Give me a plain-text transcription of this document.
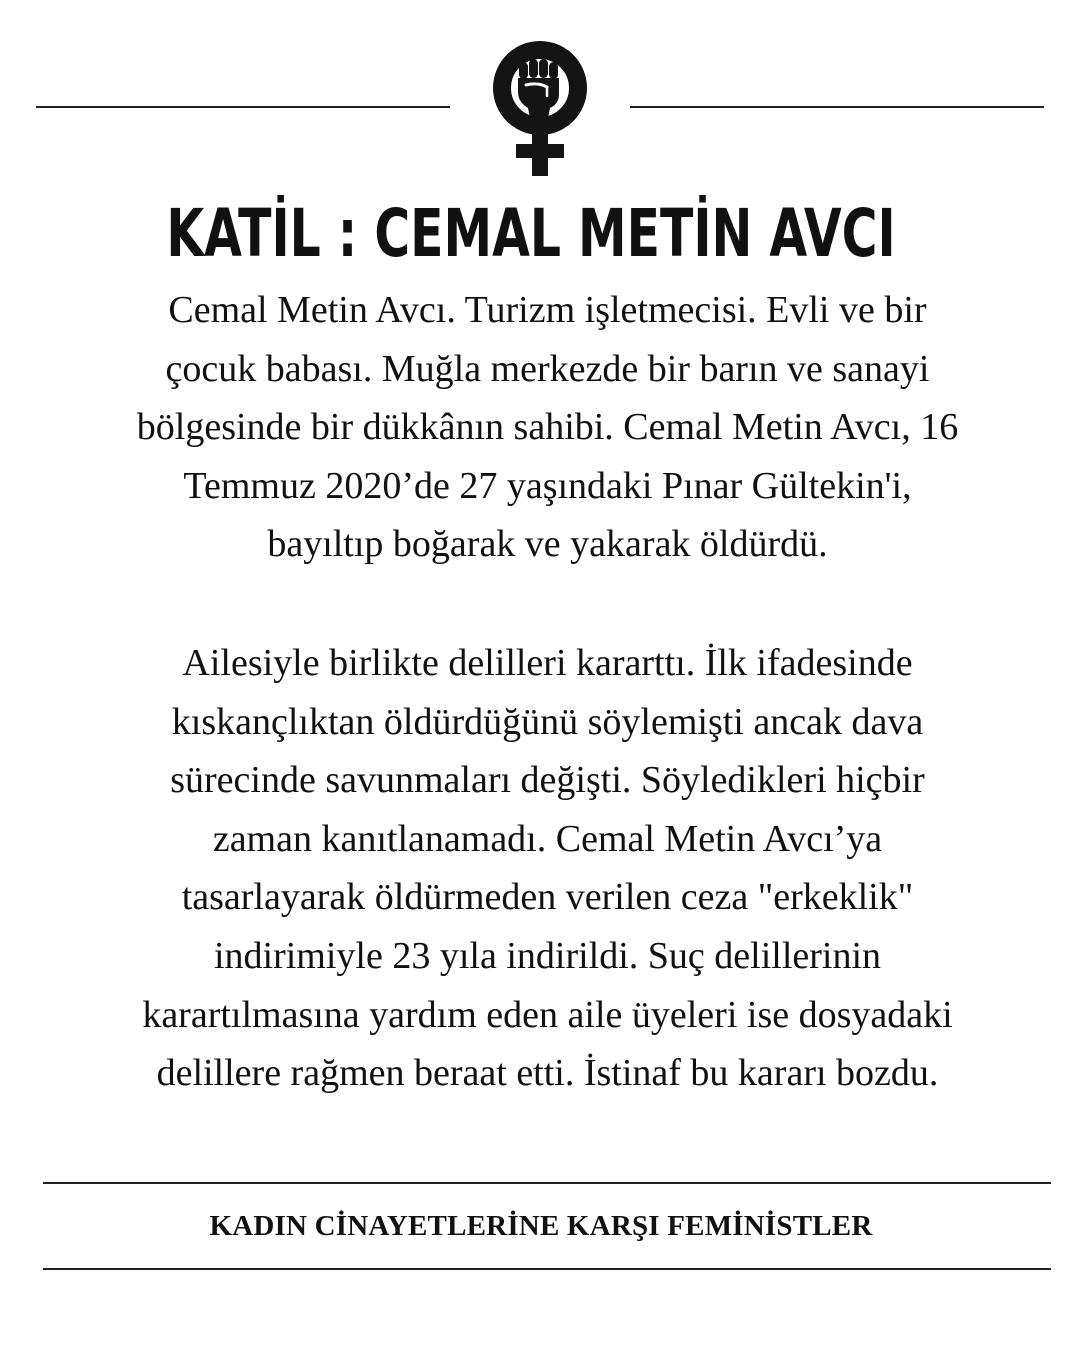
KATİL : CEMAL METİN AVCI

Cemal Metin Avcı. Turizm işletmecisi. Evli ve bir
çocuk babası. Muğla merkezde bir barın ve sanayi
bölgesinde bir dükkânın sahibi. Cemal Metin Avcı, 16
Temmuz 2020’de 27 yaşındaki Pınar Gültekin'i,
bayıltıp boğarak ve yakarak öldürdü.

Ailesiyle birlikte delilleri kararttı. İlk ifadesinde
kıskançlıktan öldürdüğünü söylemişti ancak dava
sürecinde savunmaları değişti. Söyledikleri hiçbir
zaman kanıtlanamadı. Cemal Metin Avcı’ya
tasarlayarak öldürmeden verilen ceza "erkeklik"
indirimiyle 23 yıla indirildi. Suç delillerinin
karartılmasına yardım eden aile üyeleri ise dosyadaki
delillere rağmen beraat etti. İstinaf bu kararı bozdu.

KADIN CİNAYETLERİNE KARŞI FEMİNİSTLER
